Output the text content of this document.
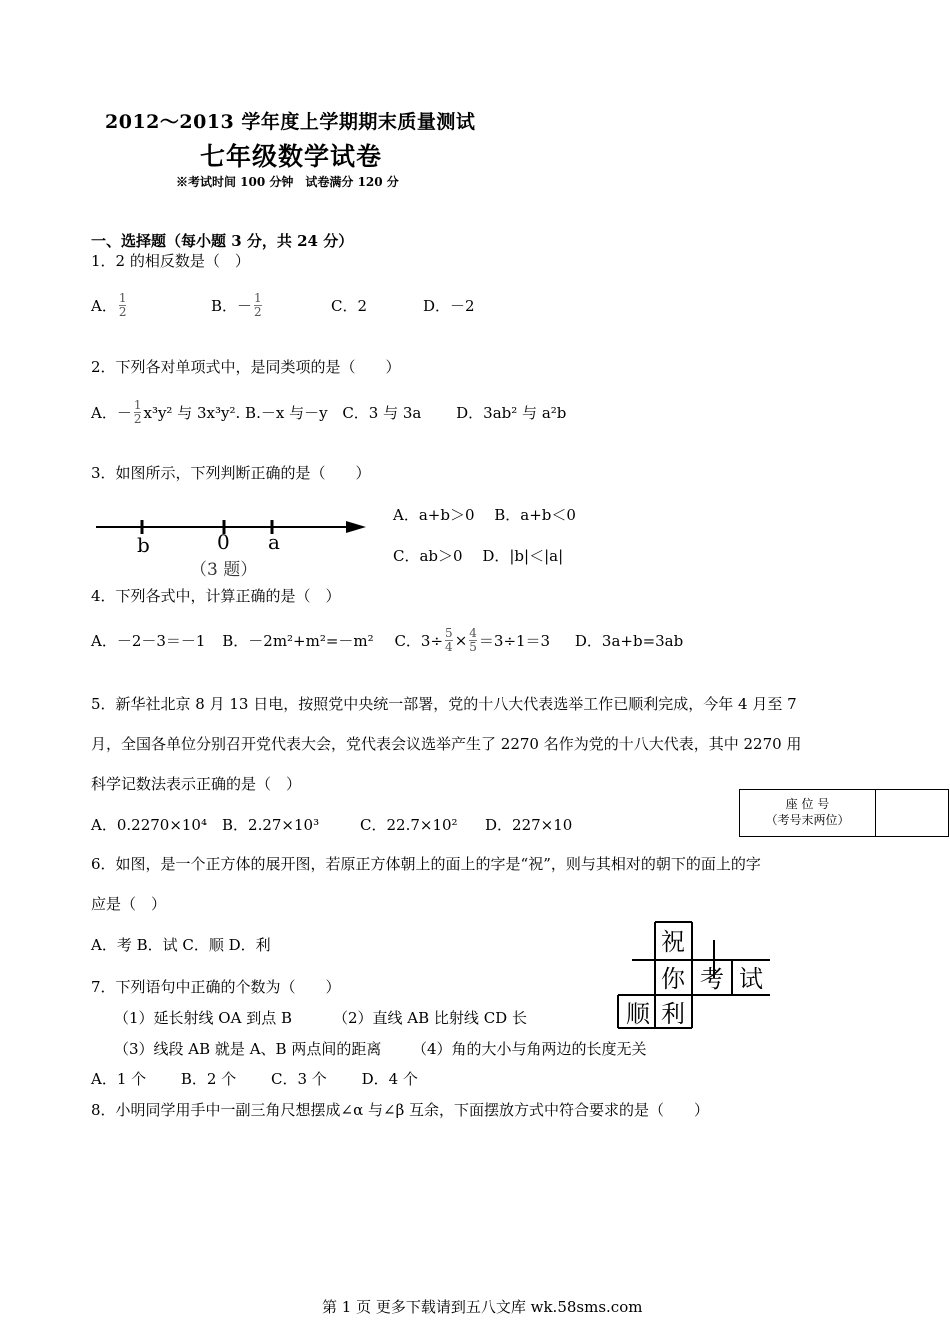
2012～2013 学年度上学期期末质量测试
七年级数学试卷
※考试时间 100 分钟　试卷满分 120 分
一、选择题（每小题 3 分，共 24 分）
1．2 的相反数是（　）
A． $\frac{1}{2}$	B．－ $\frac{1}{2}$	C．2	D．－2
2．下列各对单项式中，是同类项的是（　　）
A．－ $\frac{1}{2} x^3y^2$ 与 3x³y². B.－x 与－y C．3 与 3a D．3ab² 与 a²b
3．如图所示，下列判断正确的是（　　）
b	0 a
（3 题）
A．a+b＞0　 B．a+b＜0
C．ab＞0　 D．|b|＜|a|
4．下列各式中，计算正确的是（　）
A．－2－3＝－1 B．－2m²+m²=－m² C．$3\div \frac{5}{4} \times \frac{4}{5} =3\div 1=3$ D．3a+b=3ab
5．新华社北京 8 月 13 日电，按照党中央统一部署，党的十八大代表选举工作已顺利完成，今年 4 月至 7
月，全国各单位分别召开党代表大会，党代表会议选举产生了 2270 名作为党的十八大代表，其中 2270 用
科学记数法表示正确的是（　）
A．0.2270×10⁴ B．2.27×10³	C．22.7×10² D．227×10
座 位 号
（考号末两位）
6．如图，是一个正方体的展开图，若原正方体朝上的面上的字是“祝”，则与其相对的朝下的面上的字
应是（　）
A．考 B．试 C．顺 D．利	祝
你 考 试
顺 利
7．下列语句中正确的个数为（　　）
（1）延长射线 OA 到点 B	（2）直线 AB 比射线 CD 长
（3）线段 AB 就是 A、B 两点间的距离 （4）角的大小与角两边的长度无关
A．1 个　　 B．2 个　　 C．3 个　　 D．4 个
8．小明同学用手中一副三角尺想摆成∠α 与∠β 互余，下面摆放方式中符合要求的是（　　）
第 1 页 更多下载请到五八文库 wk.58sms.com
